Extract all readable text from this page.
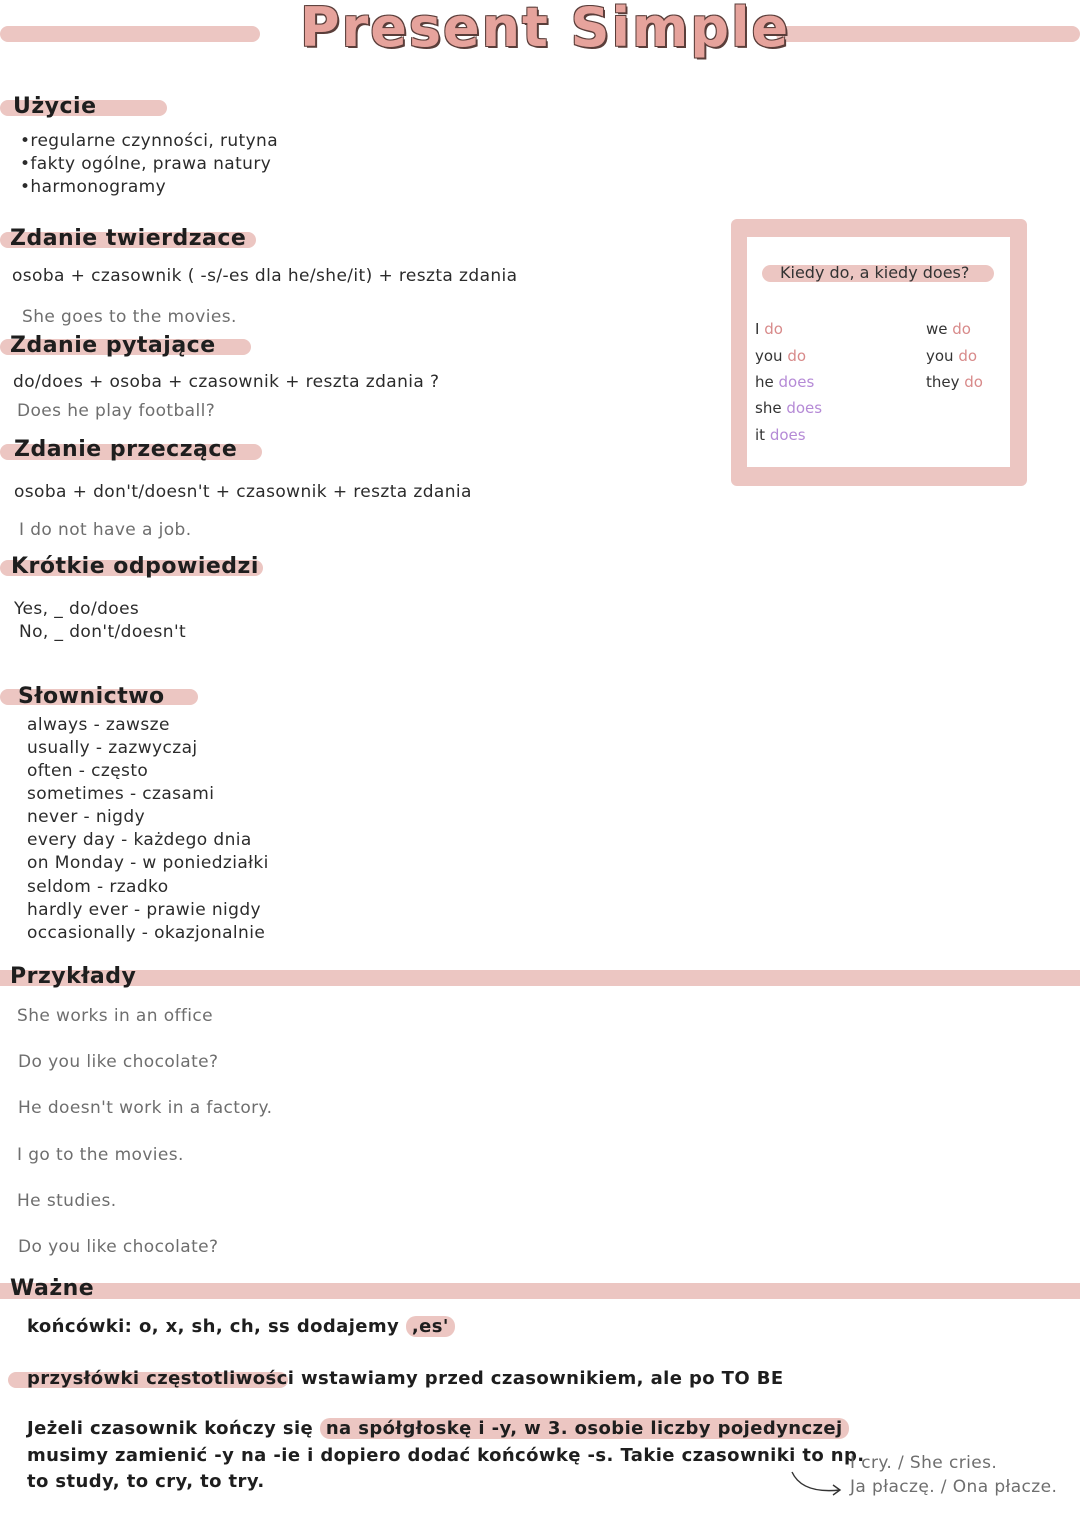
Present Simple
Użycie
•regularne czynności, rutyna
•fakty ogólne, prawa natury
•harmonogramy
Zdanie twierdzace
osoba + czasownik ( -s/-es dla he/she/it) + reszta zdania
She goes to the movies.
Zdanie pytające
do/does + osoba + czasownik + reszta zdania ?
Does he play football?
Zdanie przeczące
osoba + don't/doesn't + czasownik + reszta zdania
I do not have a job.
Krótkie odpowiedzi
Yes, _ do/does
No, _ don't/doesn't
Słownictwo
always - zawsze
usually - zazwyczaj
often - często
sometimes - czasami
never - nigdy
every day - każdego dnia
on Monday - w poniedziałki
seldom - rzadko
hardly ever - prawie nigdy
occasionally - okazjonalnie
Przykłady
She works in an office
Do you like chocolate?
He doesn't work in a factory.
I go to the movies.
He studies.
Do you like chocolate?
Ważne
końcówki: o, x, sh, ch, ss dodajemy ,es'
przysłówki częstotliwości wstawiamy przed czasownikiem, ale po TO BE
Jeżeli czasownik kończy się na spółgłoskę i -y, w 3. osobie liczby pojedynczej
musimy zamienić -y na -ie i dopiero dodać końcówkę -s. Takie czasowniki to np.
to study, to cry, to try.
I cry. / She cries.
Ja płaczę. / Ona płacze.
Kiedy do, a kiedy does?
I do
you do
he does
she does
it does
we do
you do
they do
